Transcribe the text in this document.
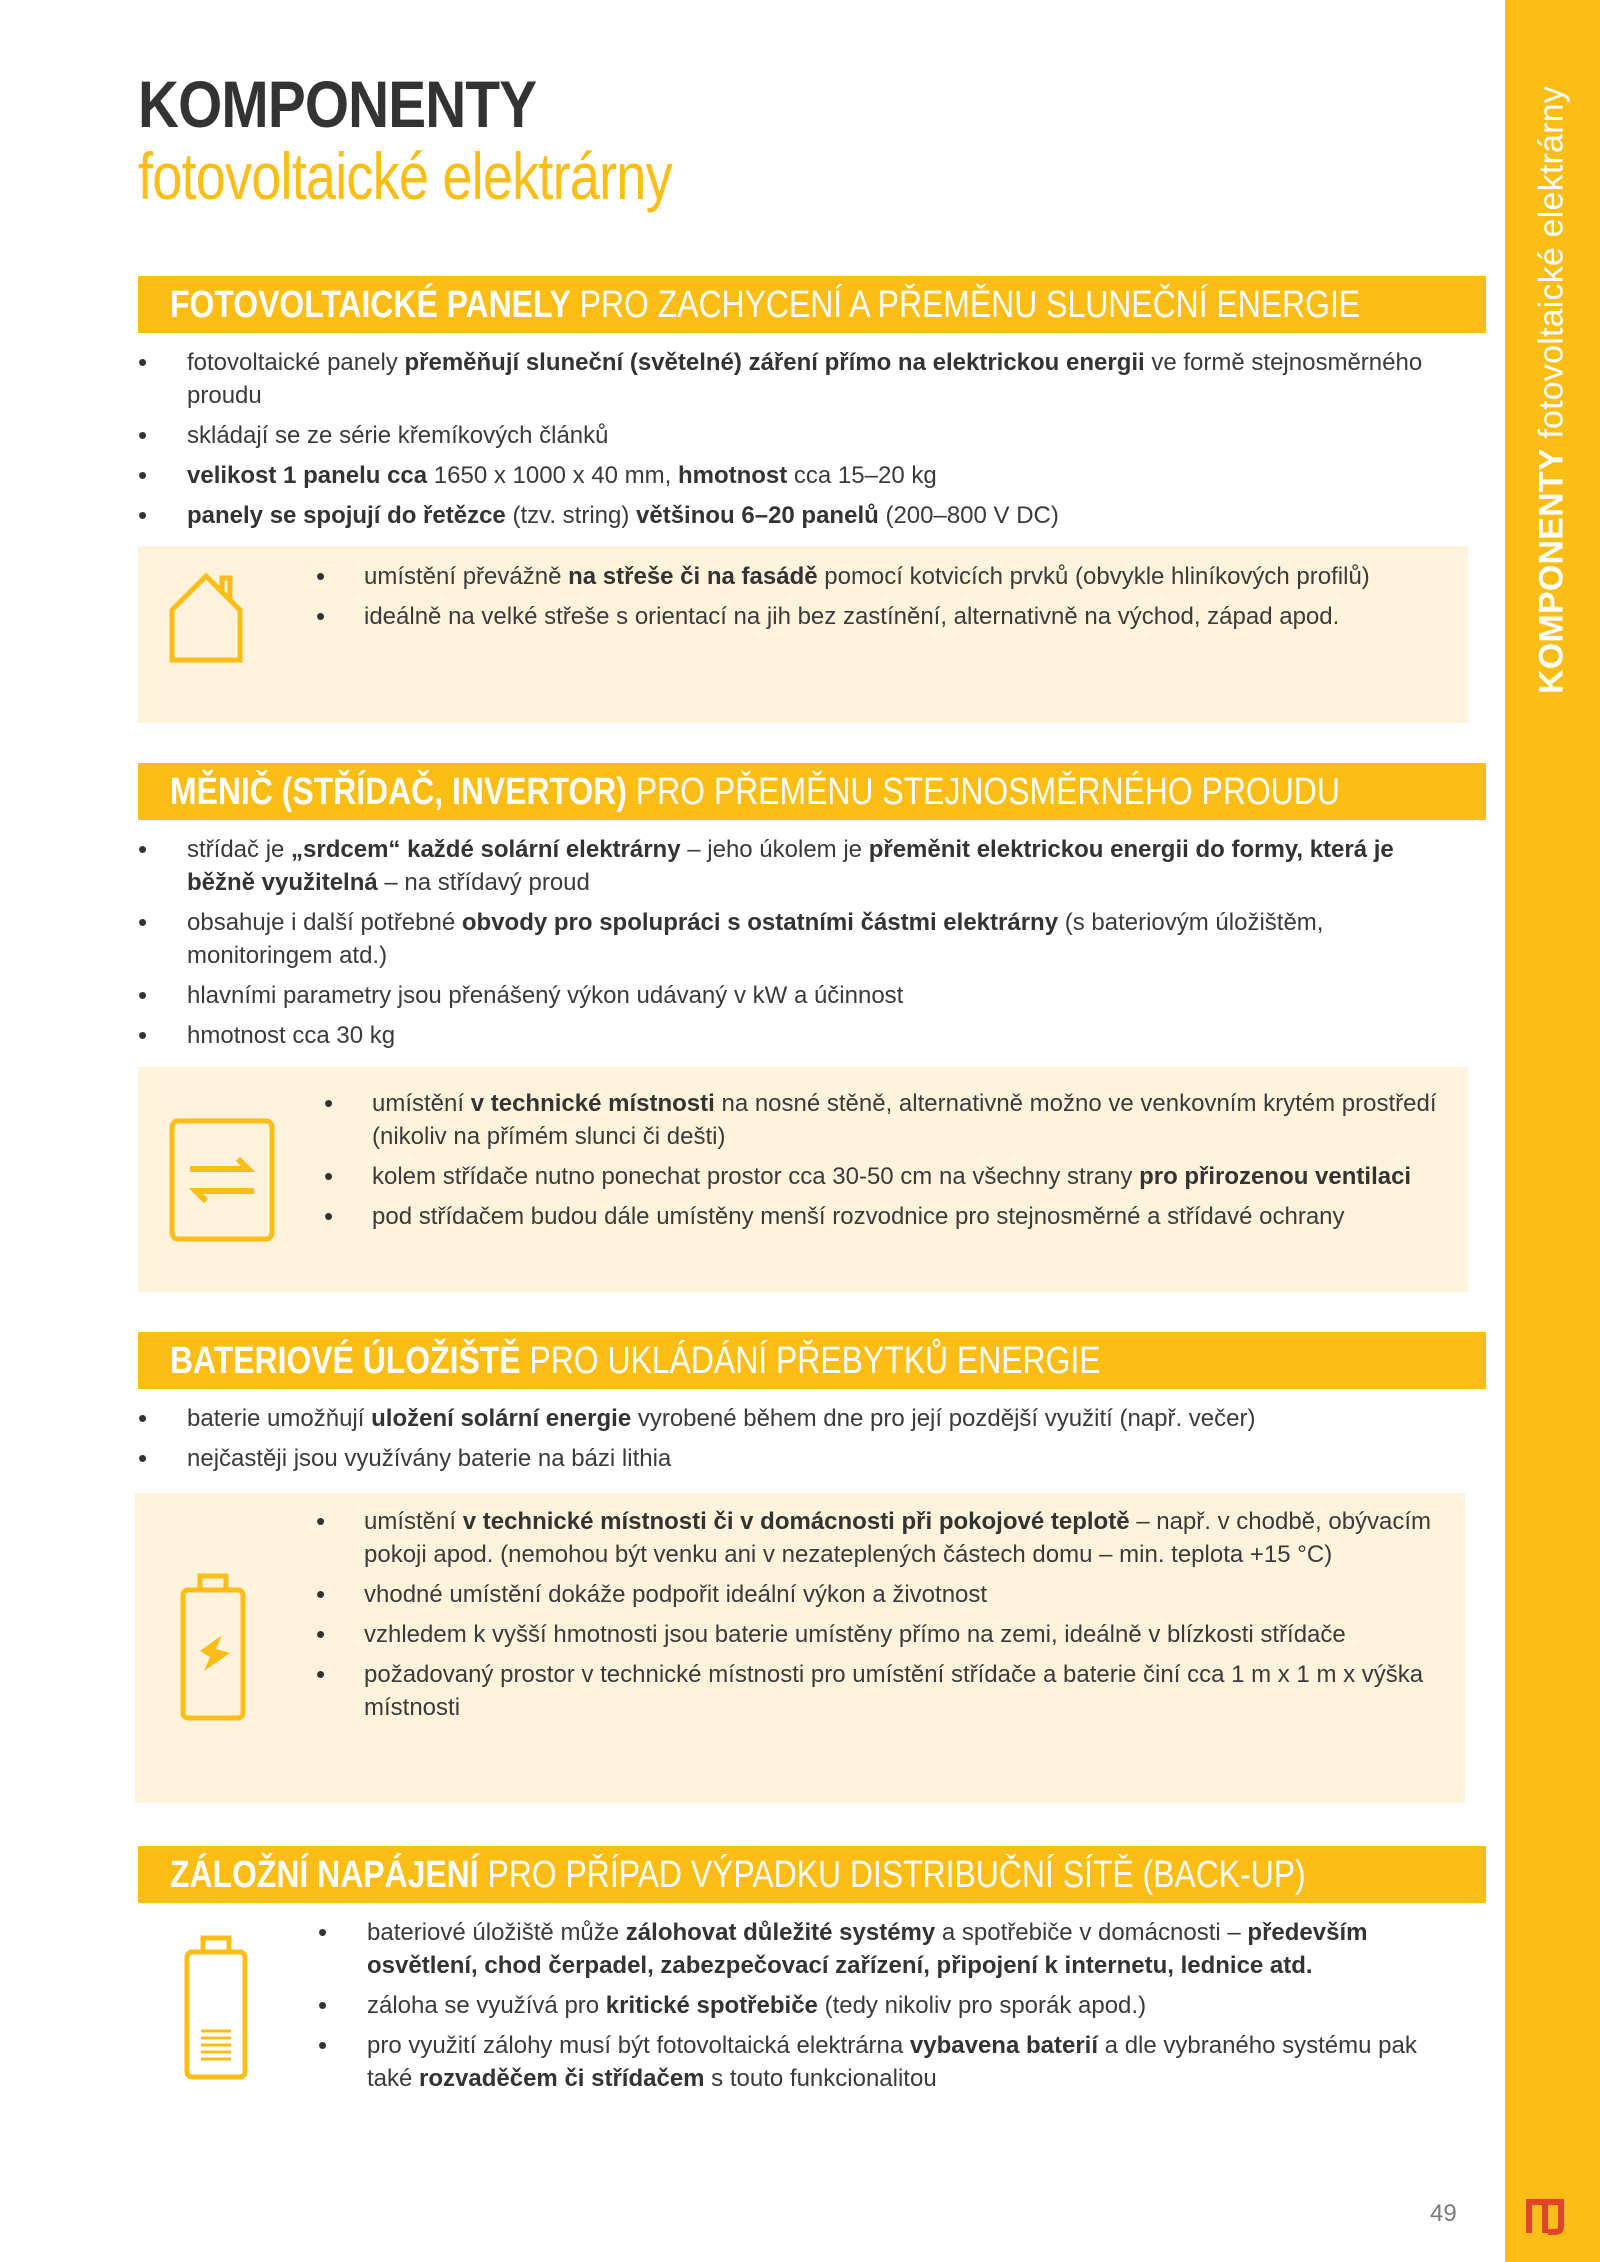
KOMPONENTY
fotovoltaické elektrárny
KOMPONENTY fotovoltaické elektrárny
FOTOVOLTAICKÉ PANELY PRO ZACHYCENÍ A PŘEMĚNU SLUNEČNÍ ENERGIE
• fotovoltaické panely přeměňují sluneční (světelné) záření přímo na elektrickou energii ve formě stejnosměrného proudu
• skládají se ze série křemíkových článků
• velikost 1 panelu cca 1650 x 1000 x 40 mm, hmotnost cca 15–20 kg
• panely se spojují do řetězce (tzv. string) většinou 6–20 panelů (200–800 V DC)
• umístění převážně na střeše či na fasádě pomocí kotvicích prvků (obvykle hliníkových profilů)
• ideálně na velké střeše s orientací na jih bez zastínění, alternativně na východ, západ apod.
MĚNIČ (STŘÍDAČ, INVERTOR) PRO PŘEMĚNU STEJNOSMĚRNÉHO PROUDU
• střídač je „srdcem“ každé solární elektrárny – jeho úkolem je přeměnit elektrickou energii do formy, která je běžně využitelná – na střídavý proud
• obsahuje i další potřebné obvody pro spolupráci s ostatními částmi elektrárny (s bateriovým úložištěm, monitoringem atd.)
• hlavními parametry jsou přenášený výkon udávaný v kW a účinnost
• hmotnost cca 30 kg
• umístění v technické místnosti na nosné stěně, alternativně možno ve venkovním krytém prostředí (nikoliv na přímém slunci či dešti)
• kolem střídače nutno ponechat prostor cca 30-50 cm na všechny strany pro přirozenou ventilaci
• pod střídačem budou dále umístěny menší rozvodnice pro stejnosměrné a střídavé ochrany
BATERIOVÉ ÚLOŽIŠTĚ PRO UKLÁDÁNÍ PŘEBYTKŮ ENERGIE
• baterie umožňují uložení solární energie vyrobené během dne pro její pozdější využití (např. večer)
• nejčastěji jsou využívány baterie na bázi lithia
• umístění v technické místnosti či v domácnosti při pokojové teplotě – např. v chodbě, obývacím pokoji apod. (nemohou být venku ani v nezateplených částech domu – min. teplota +15 °C)
• vhodné umístění dokáže podpořit ideální výkon a životnost
• vzhledem k vyšší hmotnosti jsou baterie umístěny přímo na zemi, ideálně v blízkosti střídače
• požadovaný prostor v technické místnosti pro umístění střídače a baterie činí cca 1 m x 1 m x výška místnosti
ZÁLOŽNÍ NAPÁJENÍ PRO PŘÍPAD VÝPADKU DISTRIBUČNÍ SÍTĚ (BACK-UP)
• bateriové úložiště může zálohovat důležité systémy a spotřebiče v domácnosti – především osvětlení, chod čerpadel, zabezpečovací zařízení, připojení k internetu, lednice atd.
• záloha se využívá pro kritické spotřebiče (tedy nikoliv pro sporák apod.)
• pro využití zálohy musí být fotovoltaická elektrárna vybavena baterií a dle vybraného systému pak také rozvaděčem či střídačem s touto funkcionalitou
49
